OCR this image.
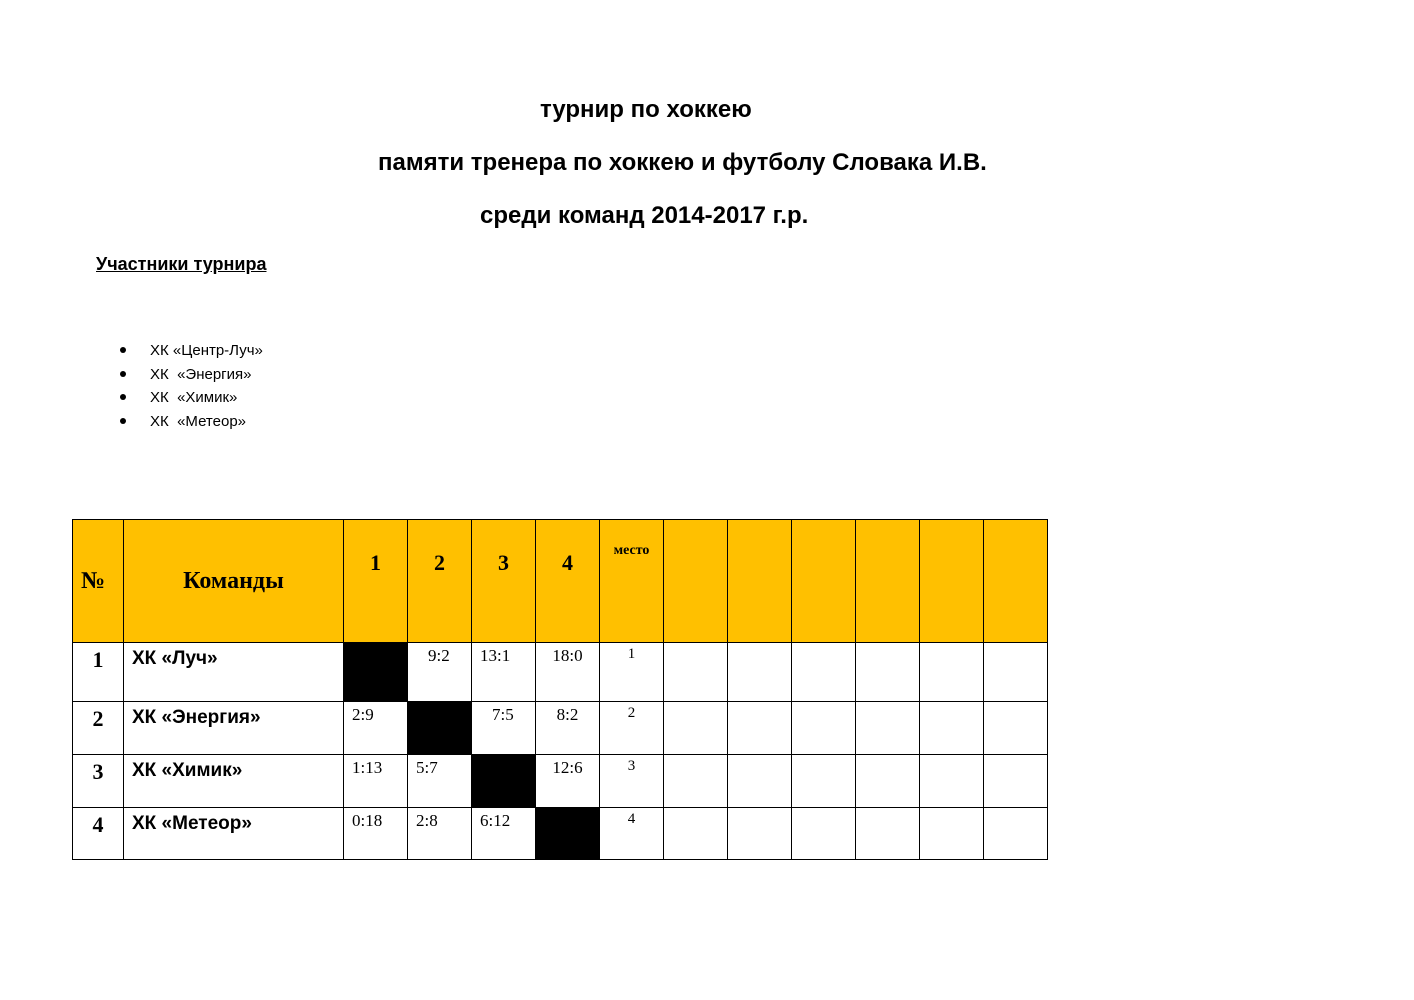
турнир по хоккею
памяти тренера по хоккею и футболу Словака И.В.
среди команд 2014-2017 г.р.
Участники турнира
ХК «Центр-Луч»
ХК  «Энергия»
ХК  «Химик»
ХК  «Метеор»
№	Команды	1	2	3	4	место						
1	ХК «Луч»		9:2	13:1	18:0	1						
2	ХК «Энергия»	2:9		7:5	8:2	2						
3	ХК «Химик»	1:13	5:7		12:6	3						
4	ХК «Метеор»	0:18	2:8	6:12		4						
